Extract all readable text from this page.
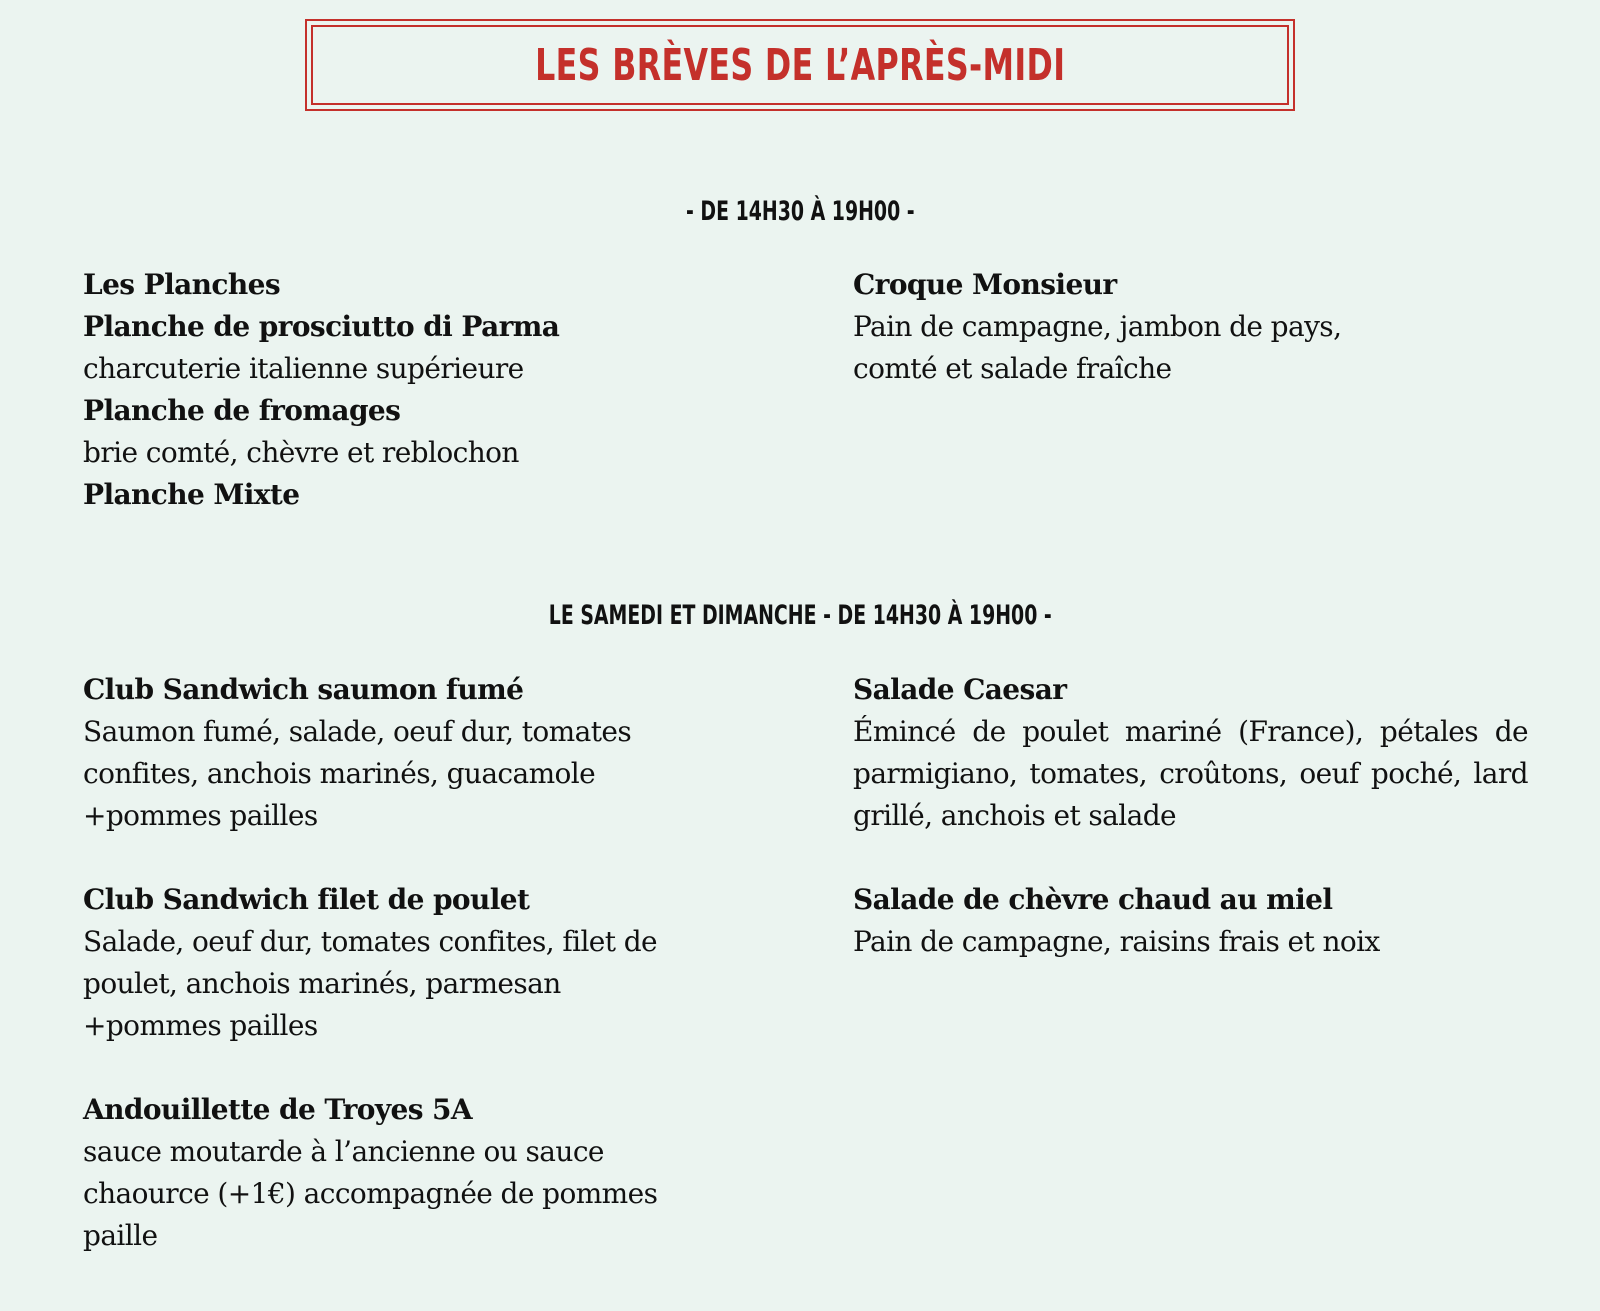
LES BRÈVES DE L’APRÈS-MIDI
- DE 14H30 À 19H00 -
Les Planches
Planche de prosciutto di Parma
charcuterie italienne supérieure
Planche de fromages
brie comté, chèvre et reblochon
Planche Mixte
Croque Monsieur
Pain de campagne, jambon de pays,
comté et salade fraîche
LE SAMEDI ET DIMANCHE - DE 14H30 À 19H00 -
Club Sandwich saumon fumé
Saumon fumé, salade, oeuf dur, tomates
confites, anchois marinés, guacamole
+pommes pailles
Club Sandwich filet de poulet
Salade, oeuf dur, tomates confites, filet de
poulet, anchois marinés, parmesan
+pommes pailles
Andouillette de Troyes 5A
sauce moutarde à l’ancienne ou sauce
chaource (+1€) accompagnée de pommes
paille
Salade Caesar
Émincé de poulet mariné (France), pétales de parmigiano, tomates, croûtons, oeuf poché, lard grillé, anchois et salade
Salade de chèvre chaud au miel
Pain de campagne, raisins frais et noix
